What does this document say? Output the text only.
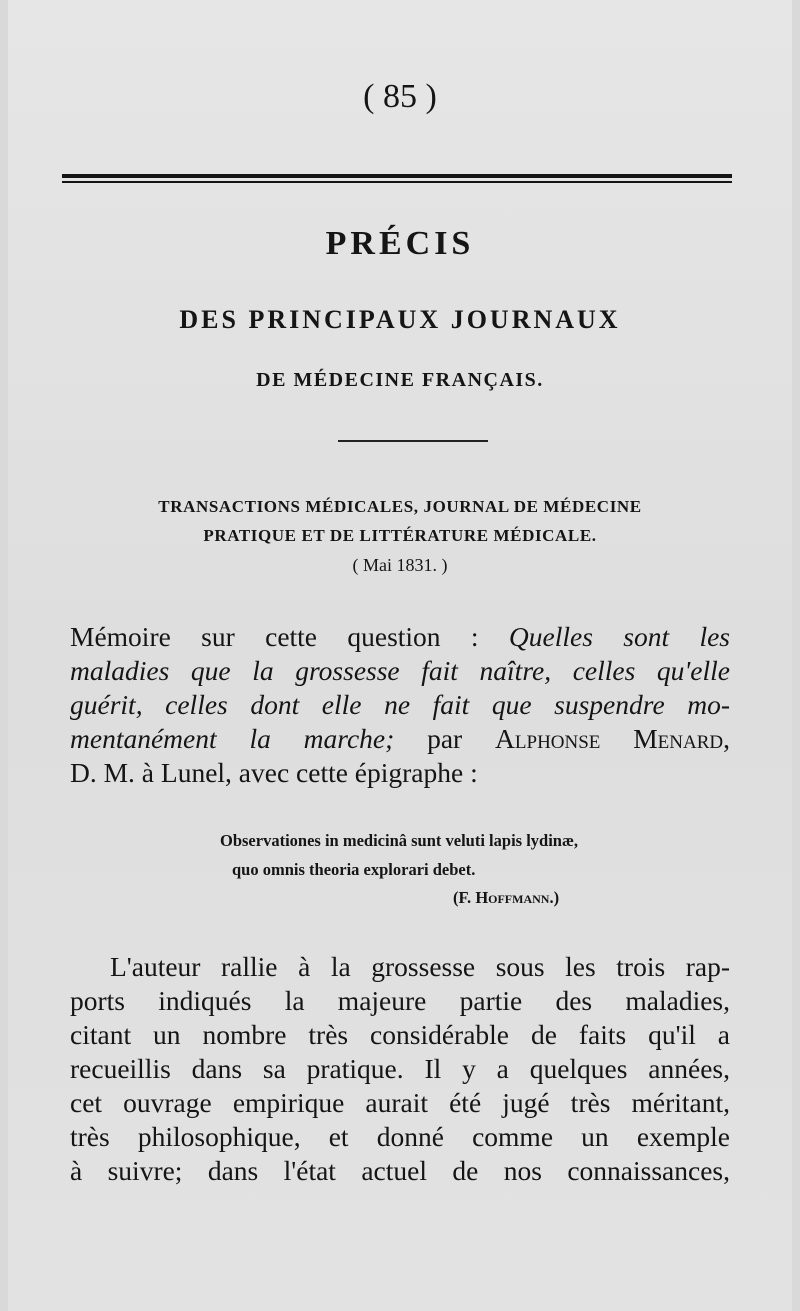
( 85 )
PRÉCIS
DES PRINCIPAUX JOURNAUX
DE MÉDECINE FRANÇAIS.
TRANSACTIONS MÉDICALES, JOURNAL DE MÉDECINE
PRATIQUE ET DE LITTÉRATURE MÉDICALE.
( Mai 1831. )
Mémoire sur cette question : Quelles sont les
maladies que la grossesse fait naître, celles qu'elle
guérit, celles dont elle ne fait que suspendre mo-
mentanément la marche; par Alphonse Menard,
D. M. à Lunel, avec cette épigraphe :
Observationes in medicinâ sunt veluti lapis lydinæ,
quo omnis theoria explorari debet.
(F. Hoffmann.)
L'auteur rallie à la grossesse sous les trois rap-
ports indiqués la majeure partie des maladies,
citant un nombre très considérable de faits qu'il a
recueillis dans sa pratique. Il y a quelques années,
cet ouvrage empirique aurait été jugé très méritant,
très philosophique, et donné comme un exemple
à suivre; dans l'état actuel de nos connaissances,
